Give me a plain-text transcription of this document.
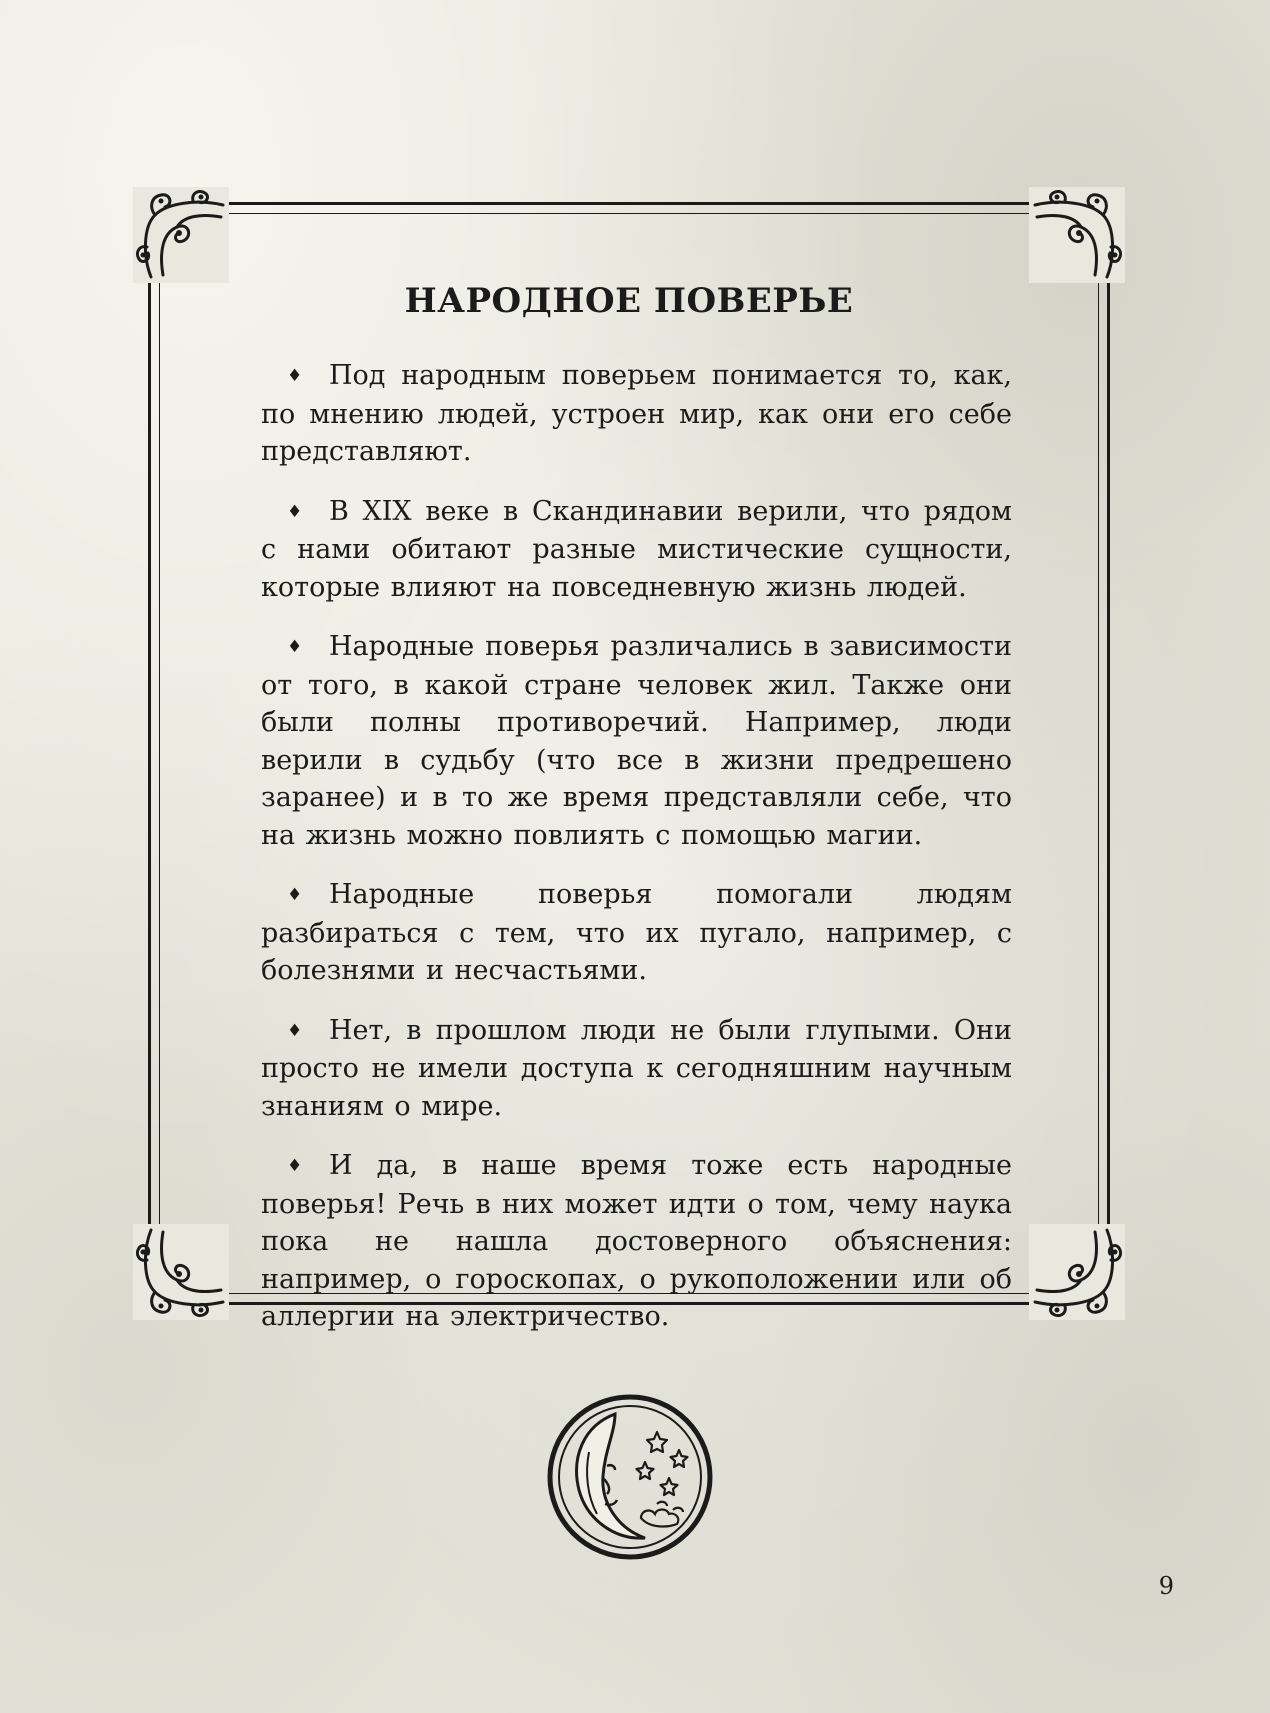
НАРОДНОЕ ПОВЕРЬЕ

♦ Под народным поверьем понимается то, как, по мнению людей, устроен мир, как они его себе представляют.

♦ В XIX веке в Скандинавии верили, что рядом с нами обитают разные мистические сущности, которые влияют на повседневную жизнь людей.

♦ Народные поверья различались в зависимости от того, в какой стране человек жил. Также они были полны противоречий. Например, люди верили в судьбу (что все в жизни предрешено заранее) и в то же время представляли себе, что на жизнь можно повлиять с помощью магии.

♦ Народные поверья помогали людям разбираться с тем, что их пугало, например, с болезнями и несчастьями.

♦ Нет, в прошлом люди не были глупыми. Они просто не имели доступа к сегодняшним научным знаниям о мире.

♦ И да, в наше время тоже есть народные поверья! Речь в них может идти о том, чему наука пока не нашла достоверного объяснения: например, о гороскопах, о рукоположении или об аллергии на электричество.

9
